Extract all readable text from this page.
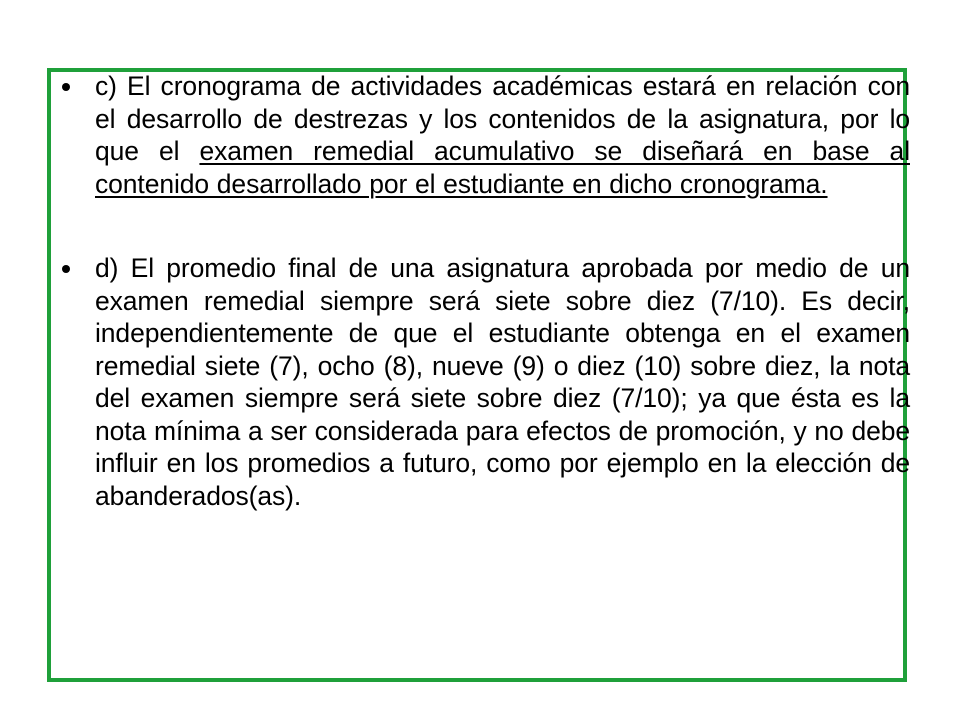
c) El cronograma de actividades académicas estará en relación con el desarrollo de destrezas y los contenidos de la asignatura, por lo que el examen remedial acumulativo se diseñará en base al contenido desarrollado por el estudiante en dicho cronograma.
d) El promedio final de una asignatura aprobada por medio de un examen remedial siempre será siete sobre diez (7/10). Es decir, independientemente de que el estudiante obtenga en el examen remedial siete (7), ocho (8), nueve (9) o diez (10) sobre diez, la nota del examen siempre será siete sobre diez (7/10); ya que ésta es la nota mínima a ser considerada para efectos de promoción, y no debe influir en los promedios a futuro, como por ejemplo en la elección de abanderados(as).
